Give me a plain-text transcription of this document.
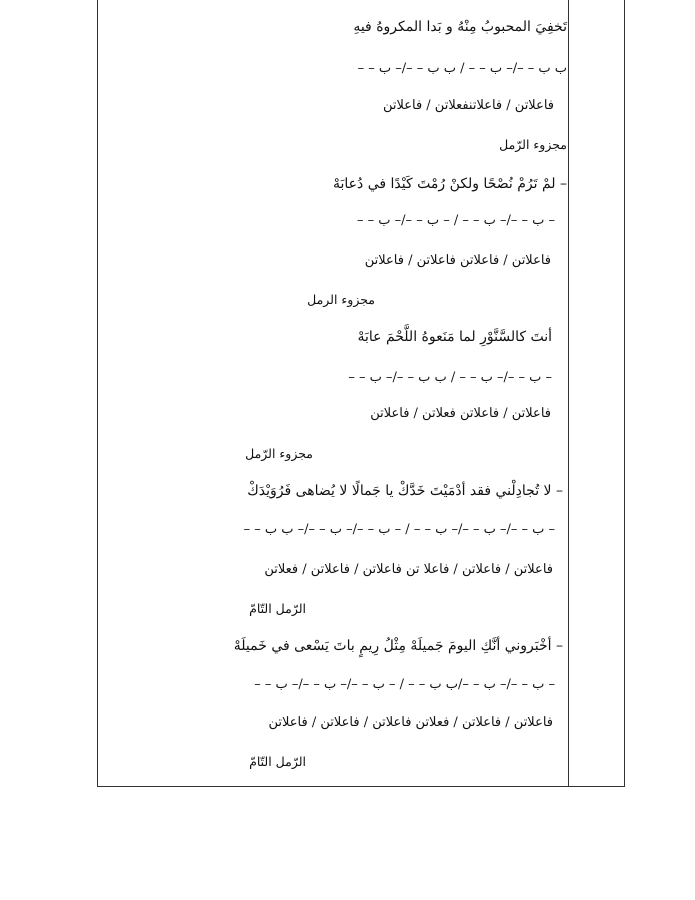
تَخفِيَ المحبوبُ مِنْهُ و بَدا المكروهُ فيهِ
ب ب – –/– ب – – / ب ب – –/– ب – –
فاعلاتن / فاعلاتنفعلاتن / فاعلاتن
مجزوء الرّمل
– لمْ تَرُمْ نُصْحًا ولكنْ رُمْتَ كَيْدًا في دُعابَهْ
– ب – –/– ب – – / – ب – –/– ب – –
فاعلاتن / فاعلاتن فاعلاتن / فاعلاتن
مجزوء الرمل
أنتَ كالسَّنَّوْرِ لما مَنَعوهُ اللَّحْمَ عابَهْ
– ب – –/– ب – – / ب ب – –/– ب – –
فاعلاتن / فاعلاتن فعلاتن / فاعلاتن
مجزوء الرّمل
– لا تُجادِلْني فقد أدْمَيْتَ خَدَّكْ يا جَمالًا لا يُضاهى فَرُوَيْدَكْ
– ب – –/– ب – –/– ب – – / – ب – –/– ب – –/– ب ب – –
فاعلاتن / فاعلاتن / فاعلا تن فاعلاتن / فاعلاتن / فعلاتن
الرّمل التّامّ
– أخْبَروني أنَّكِ اليومَ جَميلَهْ مِثْلُ رِيمٍ باتَ يَسْعى في خَميلَهْ
– ب – –/– ب – –/ب ب – – / – ب – –/– ب – –/– ب – –
فاعلاتن / فاعلاتن / فعلاتن فاعلاتن / فاعلاتن / فاعلاتن
الرّمل التّامّ
